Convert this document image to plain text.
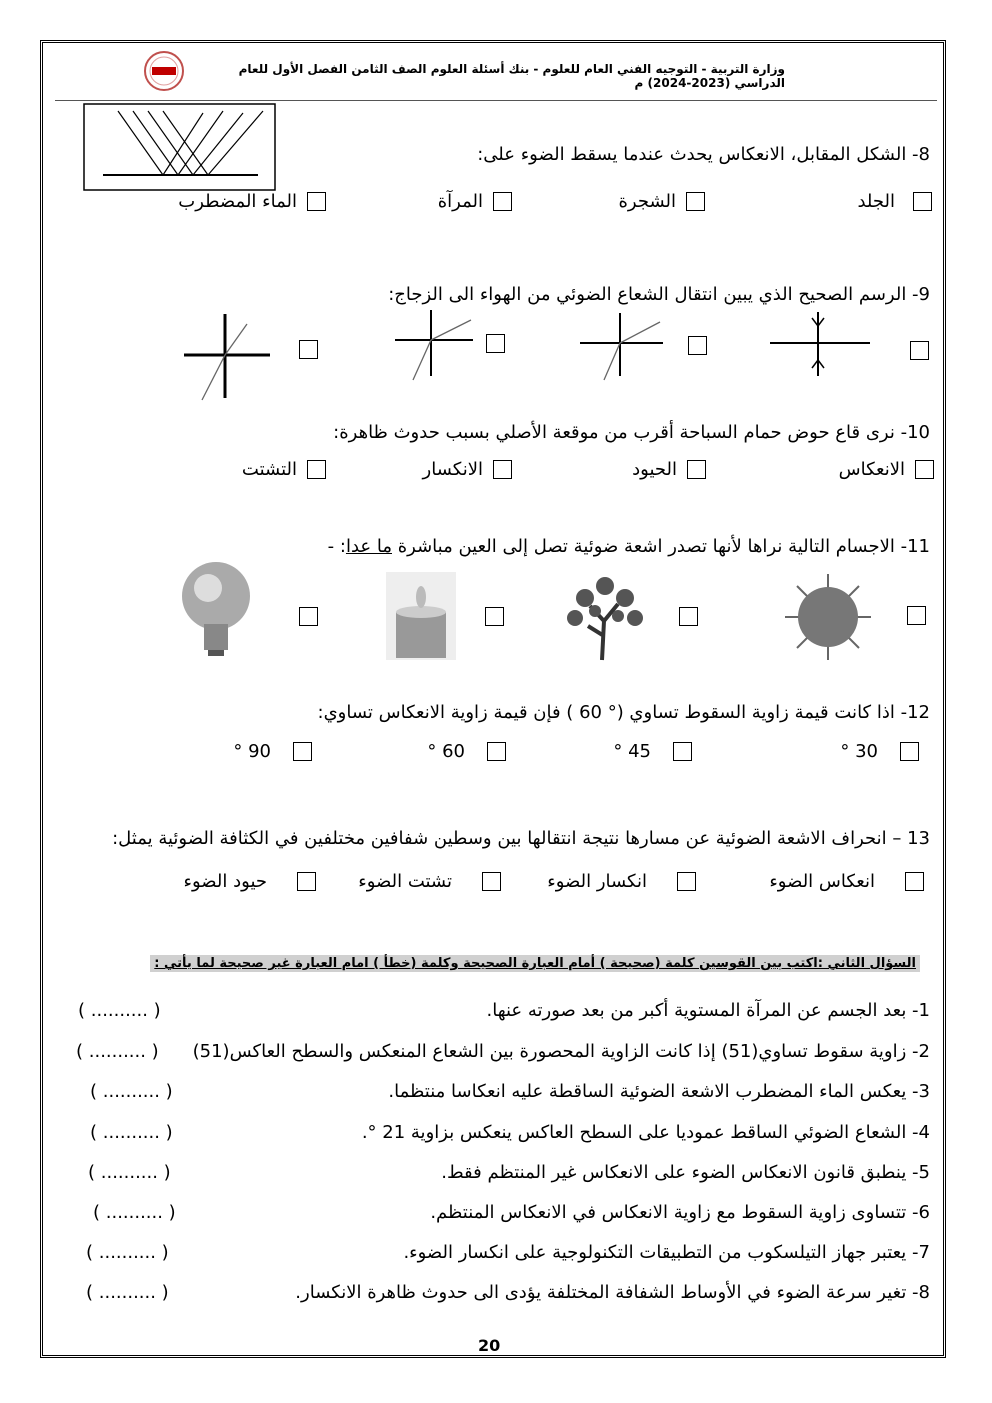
وزارة التربية - التوجيه الفني العام للعلوم - بنك أسئلة العلوم الصف الثامن الفصل الأول للعام الدراسي (2023-2024) م
8- الشكل المقابل، الانعكاس يحدث عندما يسقط الضوء على:
الجلد
الشجرة
المرآة
الماء المضطرب
9- الرسم الصحيح الذي يبين انتقال الشعاع الضوئي من الهواء الى الزجاج:
10- نرى قاع حوض حمام السباحة أقرب من موقعة الأصلي بسبب حدوث ظاهرة:
الانعكاس
الحيود
الانكسار
التشتت
11- الاجسام التالية نراها لأنها تصدر اشعة ضوئية تصل إلى العين مباشرة ما عدا: -
12- اذا كانت قيمة زاوية السقوط تساوي (° 60 ) فإن قيمة زاوية الانعكاس تساوي:
30 °
45 °
60 °
90 °
13 – انحراف الاشعة الضوئية عن مسارها نتيجة انتقالها بين وسطين شفافين مختلفين في الكثافة الضوئية يمثل:
انعكاس الضوء
انكسار الضوء
تشتت الضوء
حيود الضوء
السؤال الثاني :اكتب بين القوسين كلمة (صحيحة ) أمام العبارة الصحيحة وكلمة (خطأ ) امام العبارة غير صحيحة لما يأتي :
1- بعد الجسم عن المرآة المستوية أكبر من بعد صورته عنها.
2- زاوية سقوط تساوي(51) إذا كانت الزاوية المحصورة بين الشعاع المنعكس والسطح العاكس(51)
3- يعكس الماء المضطرب الاشعة الضوئية الساقطة عليه انعكاسا منتظما.
4- الشعاع الضوئي الساقط عموديا على السطح العاكس ينعكس بزاوية 21 °.
5- ينطبق قانون الانعكاس الضوء على الانعكاس غير المنتظم فقط.
6- تتساوى زاوية السقوط مع زاوية الانعكاس في الانعكاس المنتظم.
7- يعتبر جهاز التيلسكوب من التطبيقات التكنولوجية على انكسار الضوء.
8- تغير سرعة الضوء في الأوساط الشفافة المختلفة يؤدى الى حدوث ظاهرة الانكسار.
( .......... )
( .......... )
( .......... )
( .......... )
( .......... )
( .......... )
( .......... )
( .......... )
20
